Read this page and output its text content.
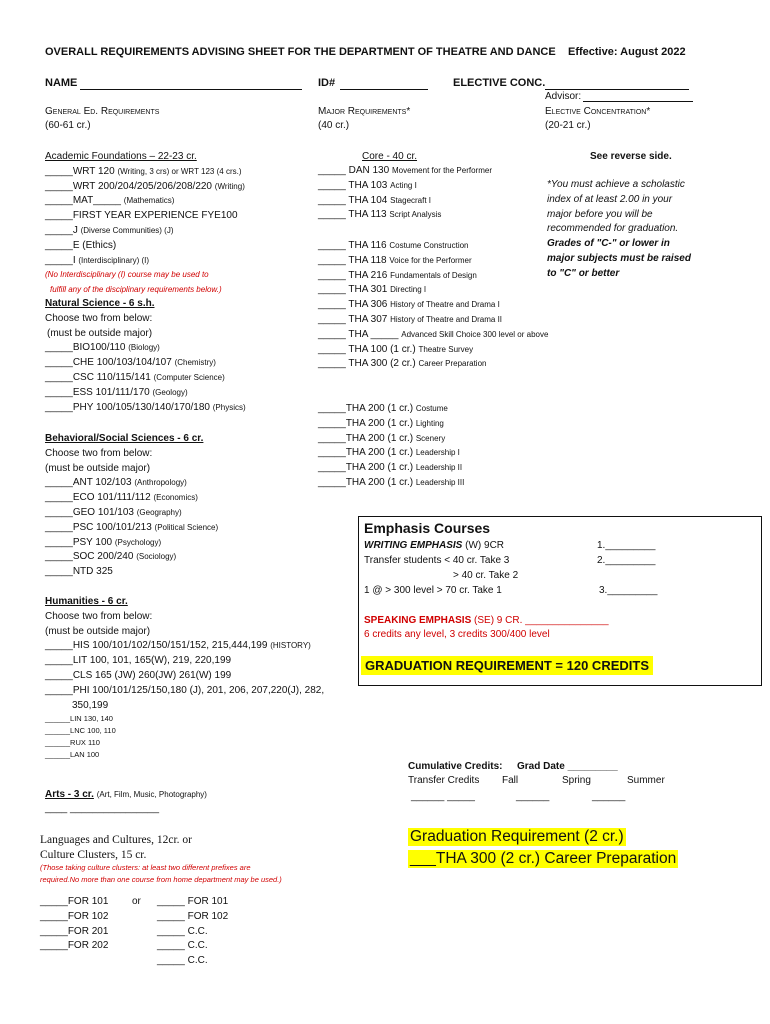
OVERALL REQUIREMENTS ADVISING SHEET FOR THE DEPARTMENT OF THEATRE AND DANCE Effective: August 2022
NAME	ID#	ELECTIVE CONC.
Advisor:
General Ed. Requirements
(60-61 cr.)
Major Requirements*
(40 cr.)
Elective Concentration*
(20-21 cr.)
Academic Foundations – 22-23 cr.
_____WRT 120 (Writing, 3 crs) or WRT 123 (4 crs.)
_____WRT 200/204/205/206/208/220 (Writing)
_____MAT_____ (Mathematics)
_____FIRST YEAR EXPERIENCE FYE100
_____J (Diverse Communities) (J)
_____E (Ethics)
_____I (Interdisciplinary) (I)
(No Interdisciplinary (I) course may be used to
fulfill any of the disciplinary requirements below.)
Natural Science - 6 s.h.
Choose two from below:
(must be outside major)
_____BIO100/110 (Biology)
_____CHE 100/103/104/107 (Chemistry)
_____CSC 110/115/141 (Computer Science)
_____ESS 101/111/170 (Geology)
_____PHY 100/105/130/140/170/180 (Physics)
Behavioral/Social Sciences - 6 cr.
Choose two from below:
(must be outside major)
_____ANT 102/103 (Anthropology)
_____ECO 101/111/112 (Economics)
_____GEO 101/103 (Geography)
_____PSC 100/101/213 (Political Science)
_____PSY 100 (Psychology)
_____SOC 200/240 (Sociology)
_____NTD 325
Humanities - 6 cr.
Choose two from below:
(must be outside major)
_____HIS 100/101/102/150/151/152, 215,444,199 (HISTORY)
_____LIT 100, 101, 165(W), 219, 220,199
_____CLS 165 (JW) 260(JW) 261(W) 199
_____PHI 100/101/125/150,180 (J), 201, 206, 207,220(J), 282,
350,199
______LIN 130, 140
______LNC 100, 110
______RUX 110
______LAN 100
Arts - 3 cr. (Art, Film, Music, Photography)
____ ________________
Languages and Cultures, 12cr. or
Culture Clusters, 15 cr.
(Those taking culture clusters: at least two different prefixes are
required.No more than one course from home department may be used.)
_____FOR 101
_____FOR 102
_____FOR 201
_____FOR 202
or _____ FOR 101
_____ FOR 102
_____ C.C.
_____ C.C.
_____ C.C.
Core - 40 cr.
_____ DAN 130 Movement for the Performer
_____ THA 103 Acting I
_____ THA 104 Stagecraft I
_____ THA 113 Script Analysis
_____ THA 116 Costume Construction
_____ THA 118 Voice for the Performer
_____ THA 216 Fundamentals of Design
_____ THA 301 Directing I
_____ THA 306 History of Theatre and Drama I
_____ THA 307 History of Theatre and Drama II
_____ THA _____ Advanced Skill Choice 300 level or above
_____ THA 100 (1 cr.) Theatre Survey
_____ THA 300 (2 cr.) Career Preparation
_____THA 200 (1 cr.) Costume
_____THA 200 (1 cr.) Lighting
_____THA 200 (1 cr.) Scenery
_____THA 200 (1 cr.) Leadership I
_____THA 200 (1 cr.) Leadership II
_____THA 200 (1 cr.) Leadership III
See reverse side.
*You must achieve a scholastic
index of at least 2.00 in your
major before you will be
recommended for graduation.
Grades of "C-" or lower in
major subjects must be raised
to "C" or better
Emphasis Courses
WRITING EMPHASIS (W) 9CR
Transfer students < 40 cr. Take 3
> 40 cr. Take 2
1 @ > 300 level > 70 cr. Take 1
1._________
2._________
3._________
SPEAKING EMPHASIS (SE) 9 CR. _______________
6 credits any level, 3 credits 300/400 level
GRADUATION REQUIREMENT = 120 CREDITS
Cumulative Credits: Grad Date _________
Transfer Credits Fall	Spring	Summer
______ _____	______	______
Graduation Requirement (2 cr.)
___THA 300 (2 cr.) Career Preparation
